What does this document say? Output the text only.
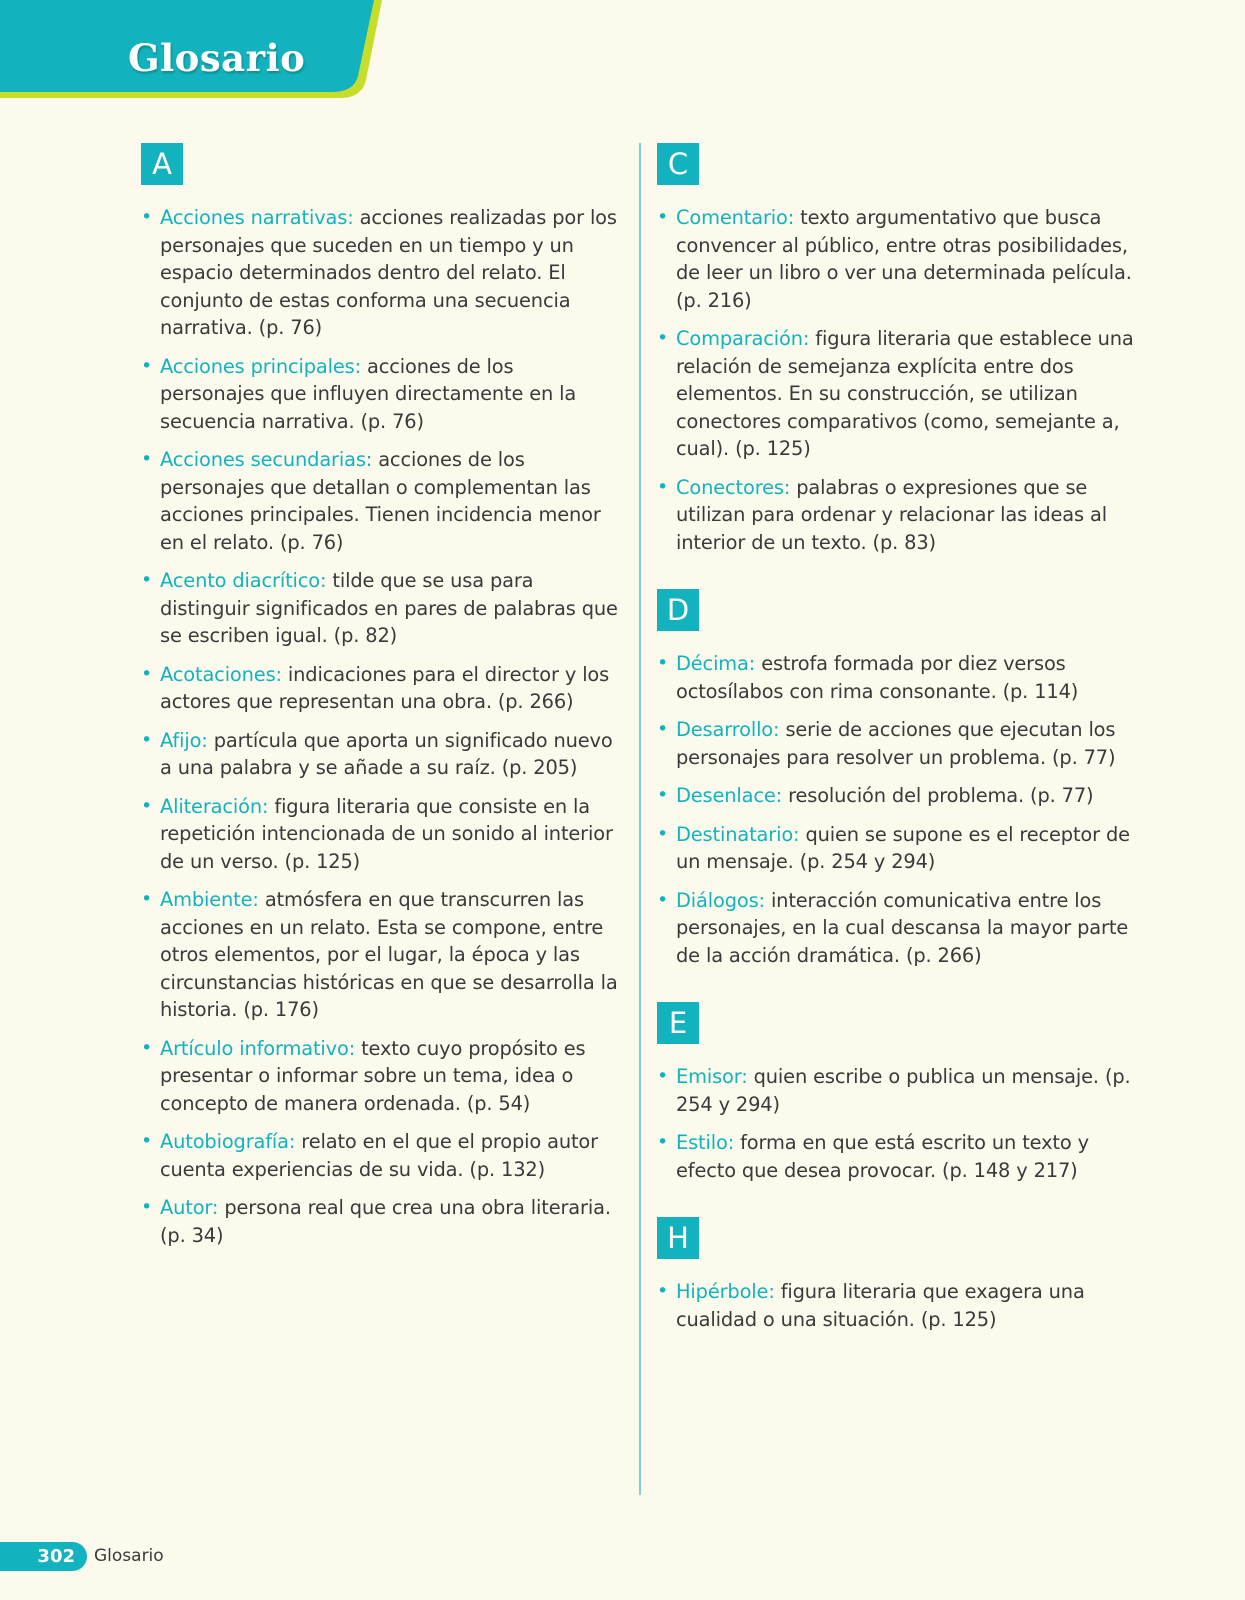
Glosario
A
• Acciones narrativas: acciones realizadas por los personajes que suceden en un tiempo y un espacio determinados dentro del relato. El conjunto de estas conforma una secuencia narrativa. (p. 76)
• Acciones principales: acciones de los personajes que influyen directamente en la secuencia narrativa. (p. 76)
• Acciones secundarias: acciones de los personajes que detallan o complementan las acciones principales. Tienen incidencia menor en el relato. (p. 76)
• Acento diacrítico: tilde que se usa para distinguir significados en pares de palabras que se escriben igual. (p. 82)
• Acotaciones: indicaciones para el director y los actores que representan una obra. (p. 266)
• Afijo: partícula que aporta un significado nuevo a una palabra y se añade a su raíz. (p. 205)
• Aliteración: figura literaria que consiste en la repetición intencionada de un sonido al interior de un verso. (p. 125)
• Ambiente: atmósfera en que transcurren las acciones en un relato. Esta se compone, entre otros elementos, por el lugar, la época y las circunstancias históricas en que se desarrolla la historia. (p. 176)
• Artículo informativo: texto cuyo propósito es presentar o informar sobre un tema, idea o concepto de manera ordenada. (p. 54)
• Autobiografía: relato en el que el propio autor cuenta experiencias de su vida. (p. 132)
• Autor: persona real que crea una obra literaria. (p. 34)
C
• Comentario: texto argumentativo que busca convencer al público, entre otras posibilidades, de leer un libro o ver una determinada película. (p. 216)
• Comparación: figura literaria que establece una relación de semejanza explícita entre dos elementos. En su construcción, se utilizan conectores comparativos (como, semejante a, cual). (p. 125)
• Conectores: palabras o expresiones que se utilizan para ordenar y relacionar las ideas al interior de un texto. (p. 83)
D
• Décima: estrofa formada por diez versos octosílabos con rima consonante. (p. 114)
• Desarrollo: serie de acciones que ejecutan los personajes para resolver un problema. (p. 77)
• Desenlace: resolución del problema. (p. 77)
• Destinatario: quien se supone es el receptor de un mensaje. (p. 254 y 294)
• Diálogos: interacción comunicativa entre los personajes, en la cual descansa la mayor parte de la acción dramática. (p. 266)
E
• Emisor: quien escribe o publica un mensaje. (p. 254 y 294)
• Estilo: forma en que está escrito un texto y efecto que desea provocar. (p. 148 y 217)
H
• Hipérbole: figura literaria que exagera una cualidad o una situación. (p. 125)
302 Glosario
